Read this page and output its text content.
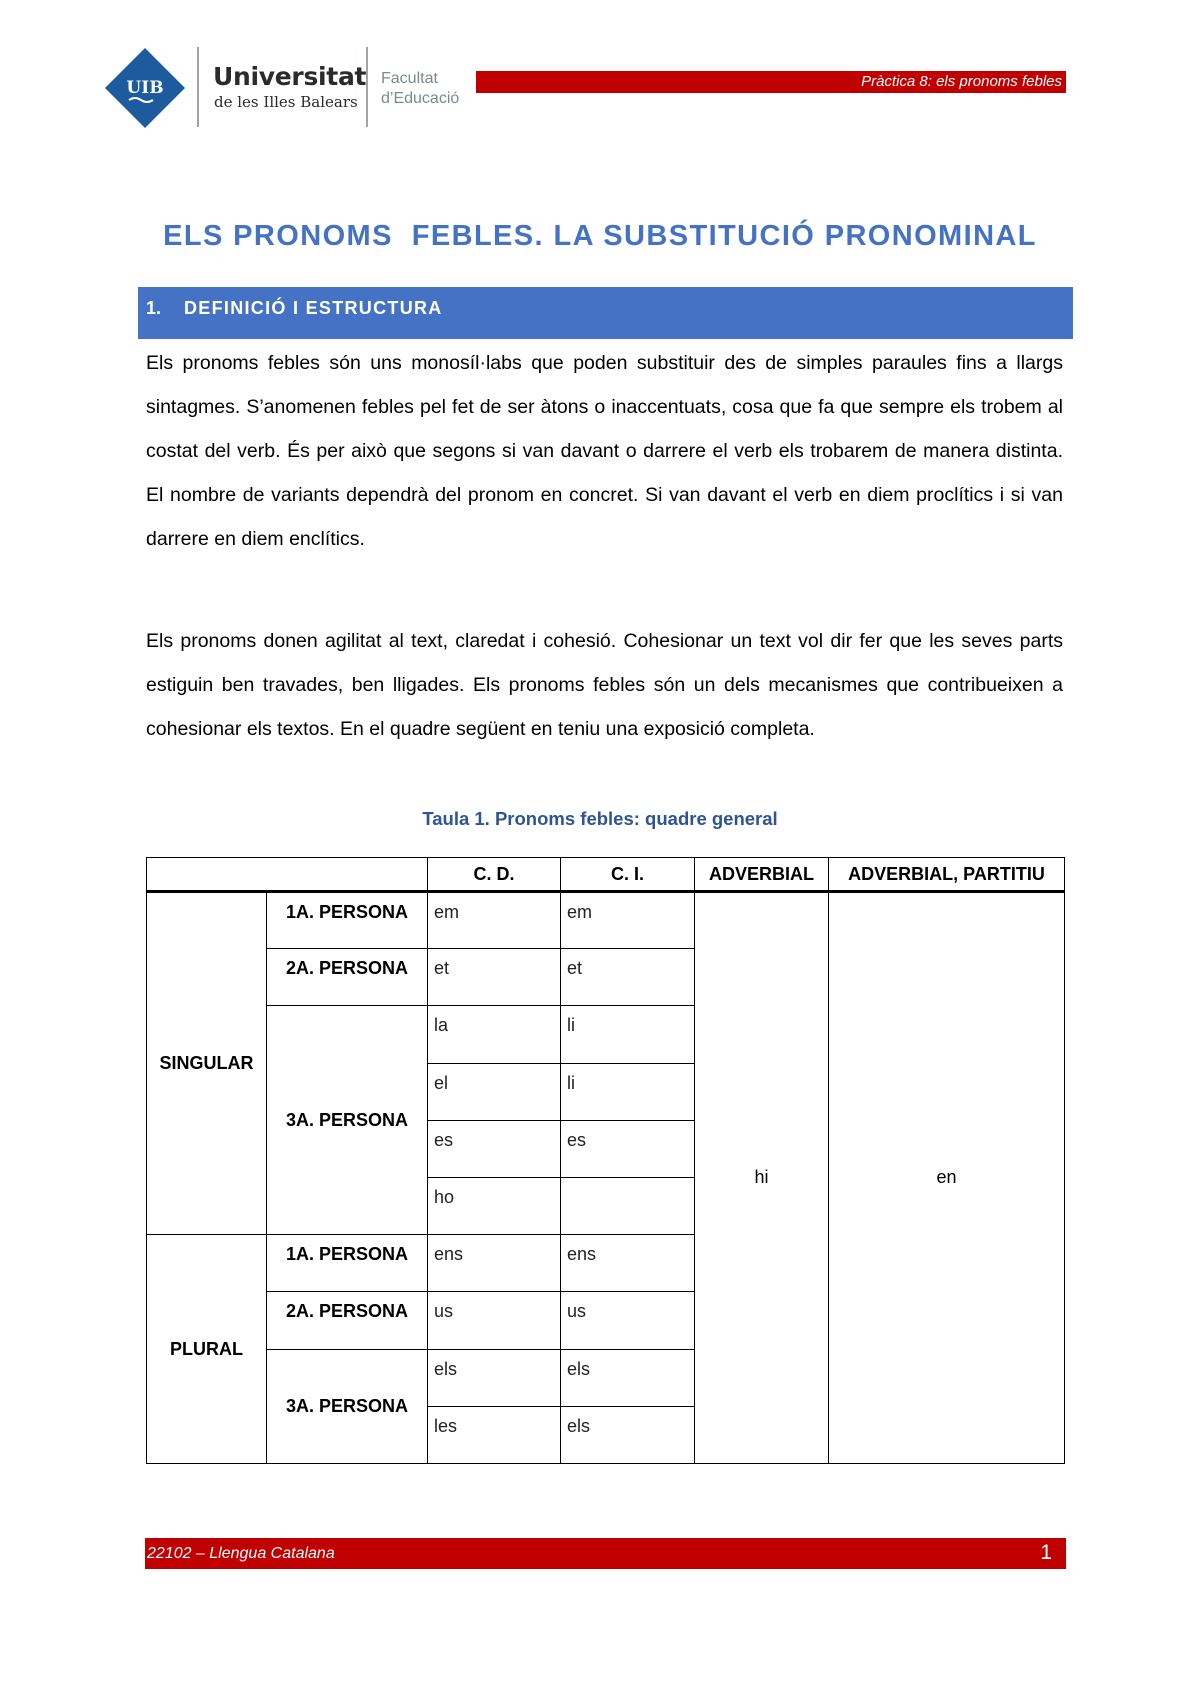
UIB Universitat
de les Illes Balears
Facultat
d’Educació
Pràctica 8: els pronoms febles
ELS PRONOMS  FEBLES. LA SUBSTITUCIÓ PRONOMINAL
1. DEFINICIÓ I ESTRUCTURA

Els pronoms febles són uns monosíl·labs que poden substituir des de simples paraules fins a llargs sintagmes. S’anomenen febles pel fet de ser àtons o inaccentuats, cosa que fa que sempre els trobem al costat del verb. És per això que segons si van davant o darrere el verb els trobarem de manera distinta. El nombre de variants dependrà del pronom en concret. Si van davant el verb en diem proclítics i si van darrere en diem enclítics.

Els pronoms donen agilitat al text, claredat i cohesió. Cohesionar un text vol dir fer que les seves parts estiguin ben travades, ben lligades. Els pronoms febles són un dels mecanismes que contribueixen a cohesionar els textos. En el quadre següent en teniu una exposició completa.

Taula 1. Pronoms febles: quadre general
		C. D.	C. I.	ADVERBIAL	ADVERBIAL, PARTITIU
SINGULAR	1A. PERSONA	em	em	hi	en
	2A. PERSONA	et	et		
	3A. PERSONA	la	li		
		el	li		
		es	es		
		ho			
PLURAL	1A. PERSONA	ens	ens		
	2A. PERSONA	us	us		
	3A. PERSONA	els	els		
		les	els		
22102 – Llengua Catalana	1
